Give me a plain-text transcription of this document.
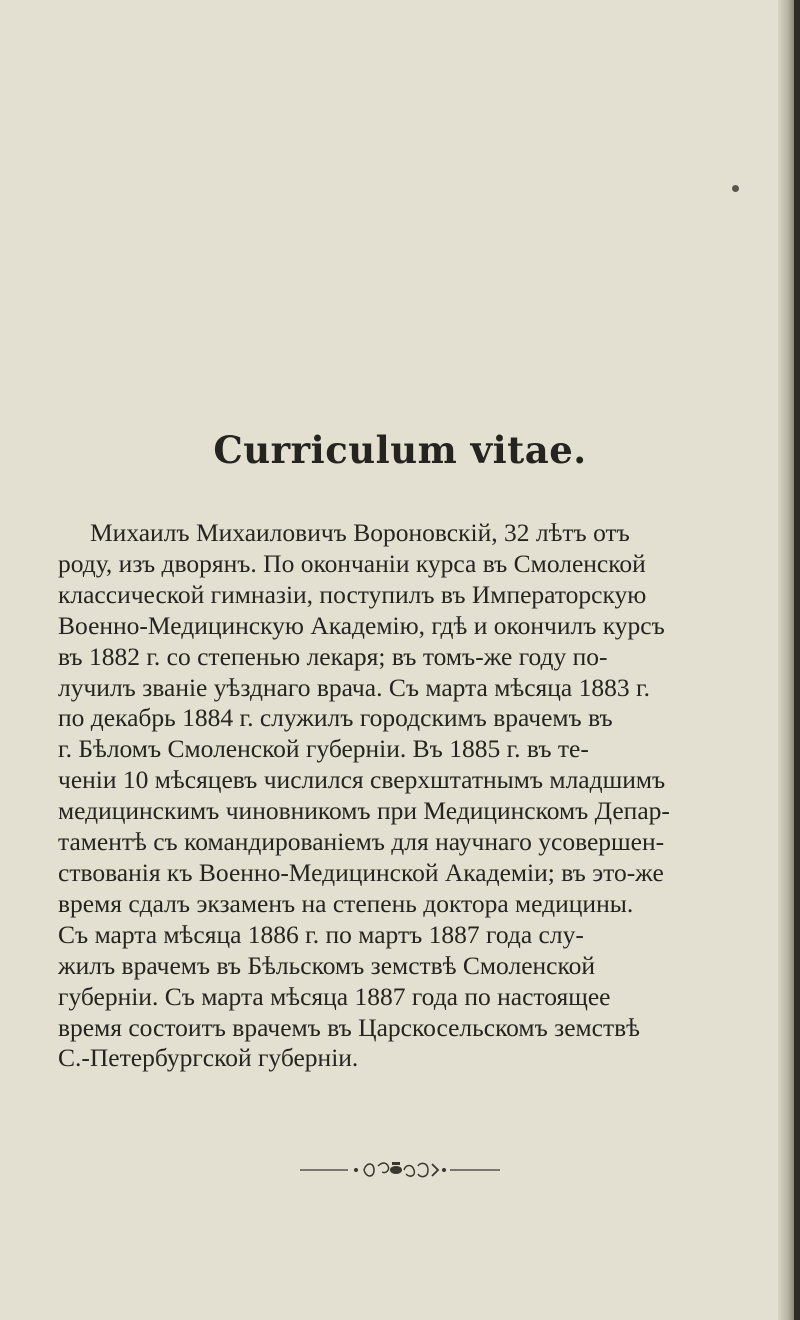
Curriculum vitae.

Михаилъ Михаиловичъ Вороновскій, 32 лѣтъ отъ
роду, изъ дворянъ. По окончаніи курса въ Смоленской
классической гимназіи, поступилъ въ Императорскую
Военно-Медицинскую Академію, гдѣ и окончилъ курсъ
въ 1882 г. со степенью лекаря; въ томъ-же году по-
лучилъ званіе уѣзднаго врача. Съ марта мѣсяца 1883 г.
по декабрь 1884 г. служилъ городскимъ врачемъ въ
г. Бѣломъ Смоленской губерніи. Въ 1885 г. въ те-
ченіи 10 мѣсяцевъ числился сверхштатнымъ младшимъ
медицинскимъ чиновникомъ при Медицинскомъ Депар-
таментѣ съ командированіемъ для научнаго усовершен-
ствованія къ Военно-Медицинской Академіи; въ это-же
время сдалъ экзаменъ на степень доктора медицины.
Съ марта мѣсяца 1886 г. по мартъ 1887 года слу-
жилъ врачемъ въ Бѣльскомъ земствѣ Смоленской
губерніи. Съ марта мѣсяца 1887 года по настоящее
время состоитъ врачемъ въ Царскосельскомъ земствѣ
С.-Петербургской губерніи.
